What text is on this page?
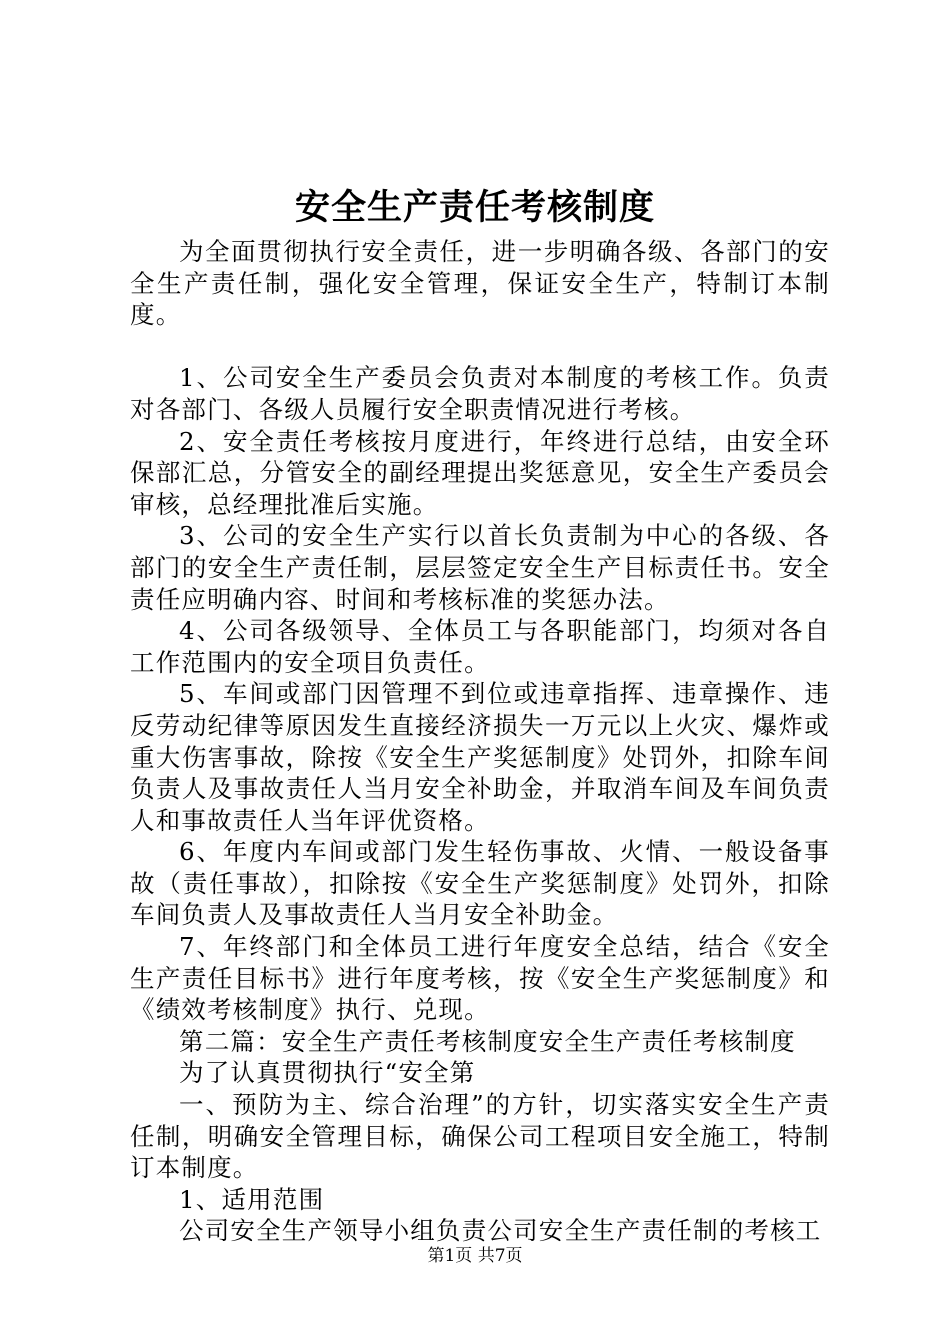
安全生产责任考核制度

为全面贯彻执行安全责任，进一步明确各级、各部门的安全生产责任制，强化安全管理，保证安全生产，特制订本制度。

1、公司安全生产委员会负责对本制度的考核工作。负责对各部门、各级人员履行安全职责情况进行考核。

2、安全责任考核按月度进行，年终进行总结，由安全环保部汇总，分管安全的副经理提出奖惩意见，安全生产委员会审核，总经理批准后实施。

3、公司的安全生产实行以首长负责制为中心的各级、各部门的安全生产责任制，层层签定安全生产目标责任书。安全责任应明确内容、时间和考核标准的奖惩办法。

4、公司各级领导、全体员工与各职能部门，均须对各自工作范围内的安全项目负责任。

5、车间或部门因管理不到位或违章指挥、违章操作、违反劳动纪律等原因发生直接经济损失一万元以上火灾、爆炸或重大伤害事故，除按《安全生产奖惩制度》处罚外，扣除车间负责人及事故责任人当月安全补助金，并取消车间及车间负责人和事故责任人当年评优资格。

6、年度内车间或部门发生轻伤事故、火情、一般设备事故（责任事故），扣除按《安全生产奖惩制度》处罚外，扣除车间负责人及事故责任人当月安全补助金。

7、年终部门和全体员工进行年度安全总结，结合《安全生产责任目标书》进行年度考核，按《安全生产奖惩制度》和《绩效考核制度》执行、兑现。

第二篇：安全生产责任考核制度安全生产责任考核制度

为了认真贯彻执行“安全第

一、预防为主、综合治理”的方针，切实落实安全生产责任制，明确安全管理目标，确保公司工程项目安全施工，特制订本制度。

1、适用范围

公司安全生产领导小组负责公司安全生产责任制的考核工

第1页 共7页
